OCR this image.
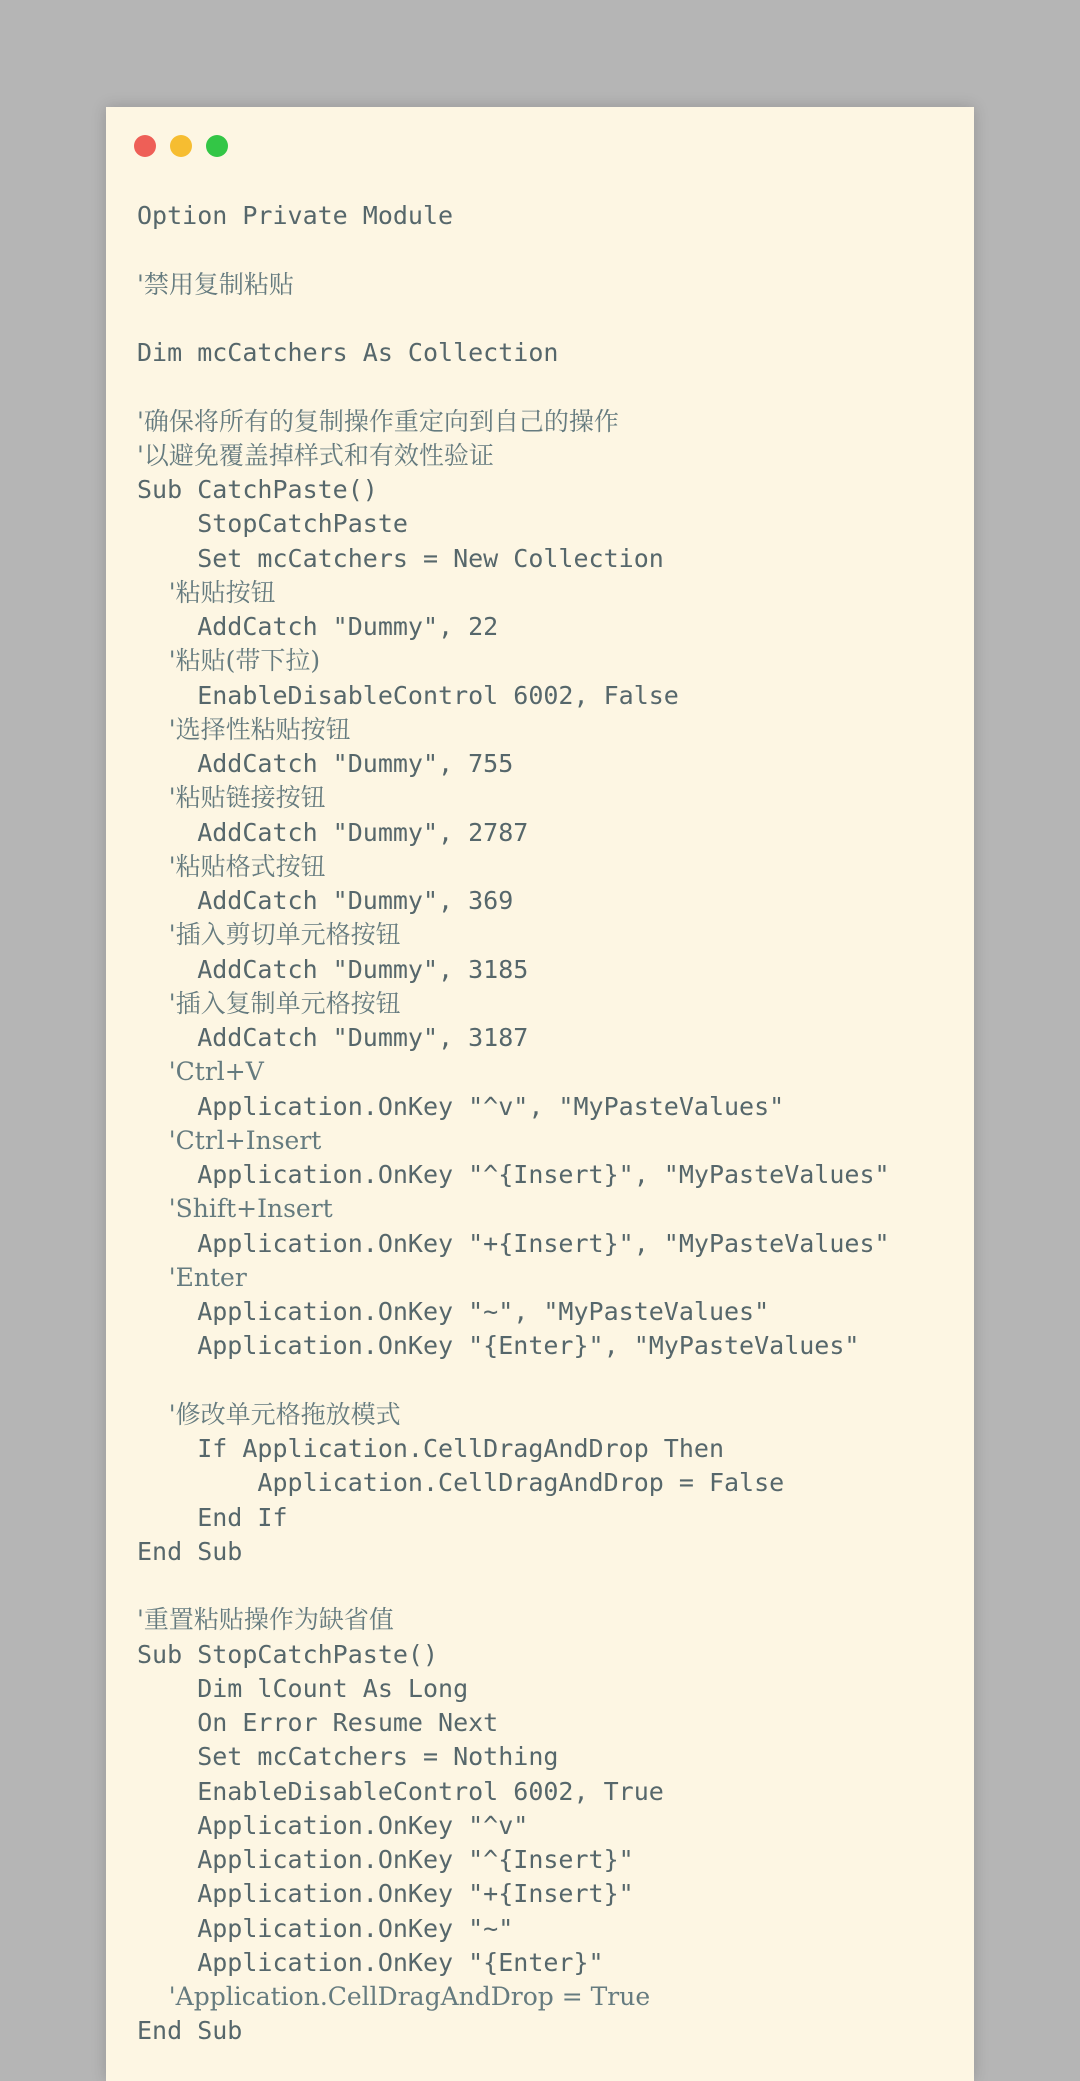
Option Private Module
'禁用复制粘贴
Dim mcCatchers As Collection
'确保将所有的复制操作重定向到自己的操作
'以避免覆盖掉样式和有效性验证
Sub CatchPaste()
StopCatchPaste
Set mcCatchers = New Collection
'粘贴按钮
AddCatch "Dummy", 22
'粘贴(带下拉)
EnableDisableControl 6002, False
'选择性粘贴按钮
AddCatch "Dummy", 755
'粘贴链接按钮
AddCatch "Dummy", 2787
'粘贴格式按钮
AddCatch "Dummy", 369
'插入剪切单元格按钮
AddCatch "Dummy", 3185
'插入复制单元格按钮
AddCatch "Dummy", 3187
'Ctrl+V
Application.OnKey "^v", "MyPasteValues"
'Ctrl+Insert
Application.OnKey "^{Insert}", "MyPasteValues"
'Shift+Insert
Application.OnKey "+{Insert}", "MyPasteValues"
'Enter
Application.OnKey "~", "MyPasteValues"
Application.OnKey "{Enter}", "MyPasteValues"
'修改单元格拖放模式
If Application.CellDragAndDrop Then
Application.CellDragAndDrop = False
End If
End Sub
'重置粘贴操作为缺省值
Sub StopCatchPaste()
Dim lCount As Long
On Error Resume Next
Set mcCatchers = Nothing
EnableDisableControl 6002, True
Application.OnKey "^v"
Application.OnKey "^{Insert}"
Application.OnKey "+{Insert}"
Application.OnKey "~"
Application.OnKey "{Enter}"
'Application.CellDragAndDrop = True
End Sub
